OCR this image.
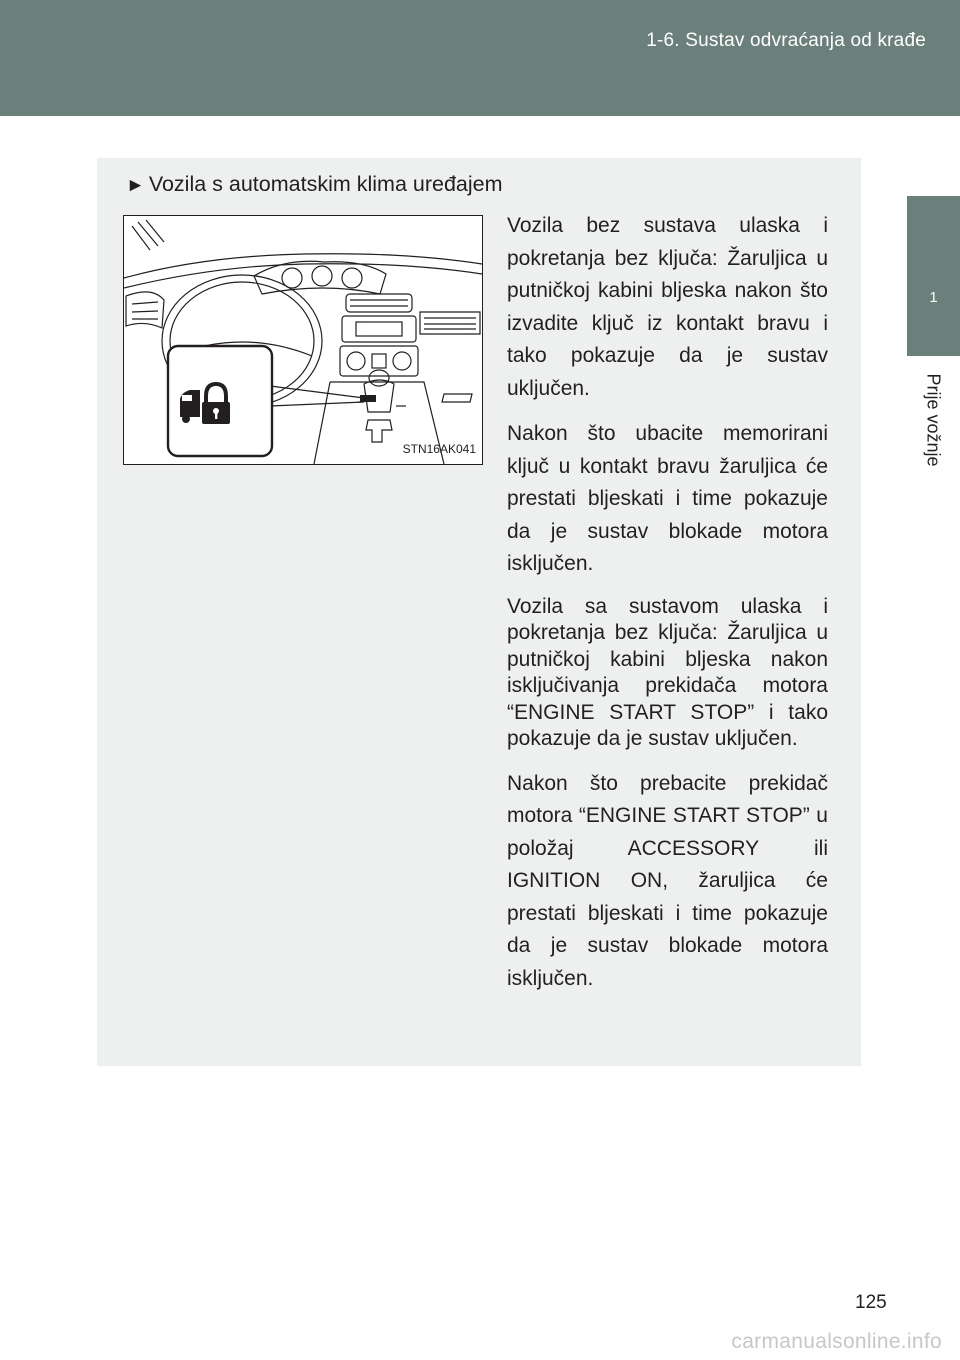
1-6. Sustav odvraćanja od krađe
1
Prije vožnje
► Vozila s automatskim klima uređajem
STN16AK041

Vozila bez sustava ulaska i pokretanja bez ključa: Žaruljica u putničkoj kabini bljeska nakon što izvadite ključ iz kontakt bravu i tako pokazuje da je sustav uključen.

Nakon što ubacite memorirani ključ u kontakt bravu žaruljica će prestati bljeskati i time pokazuje da je sustav blokade motora isključen.

Vozila sa sustavom ulaska i pokretanja bez ključa: Žaruljica u putničkoj kabini bljeska nakon isključivanja prekidača motora “ENGINE START STOP” i tako pokazuje da je sustav uključen.

Nakon što prebacite prekidač motora “ENGINE START STOP” u položaj ACCESSORY ili IGNITION ON, žaruljica će prestati bljeskati i time pokazuje da je sustav blokade motora isključen.

125
carmanualsonline.info
